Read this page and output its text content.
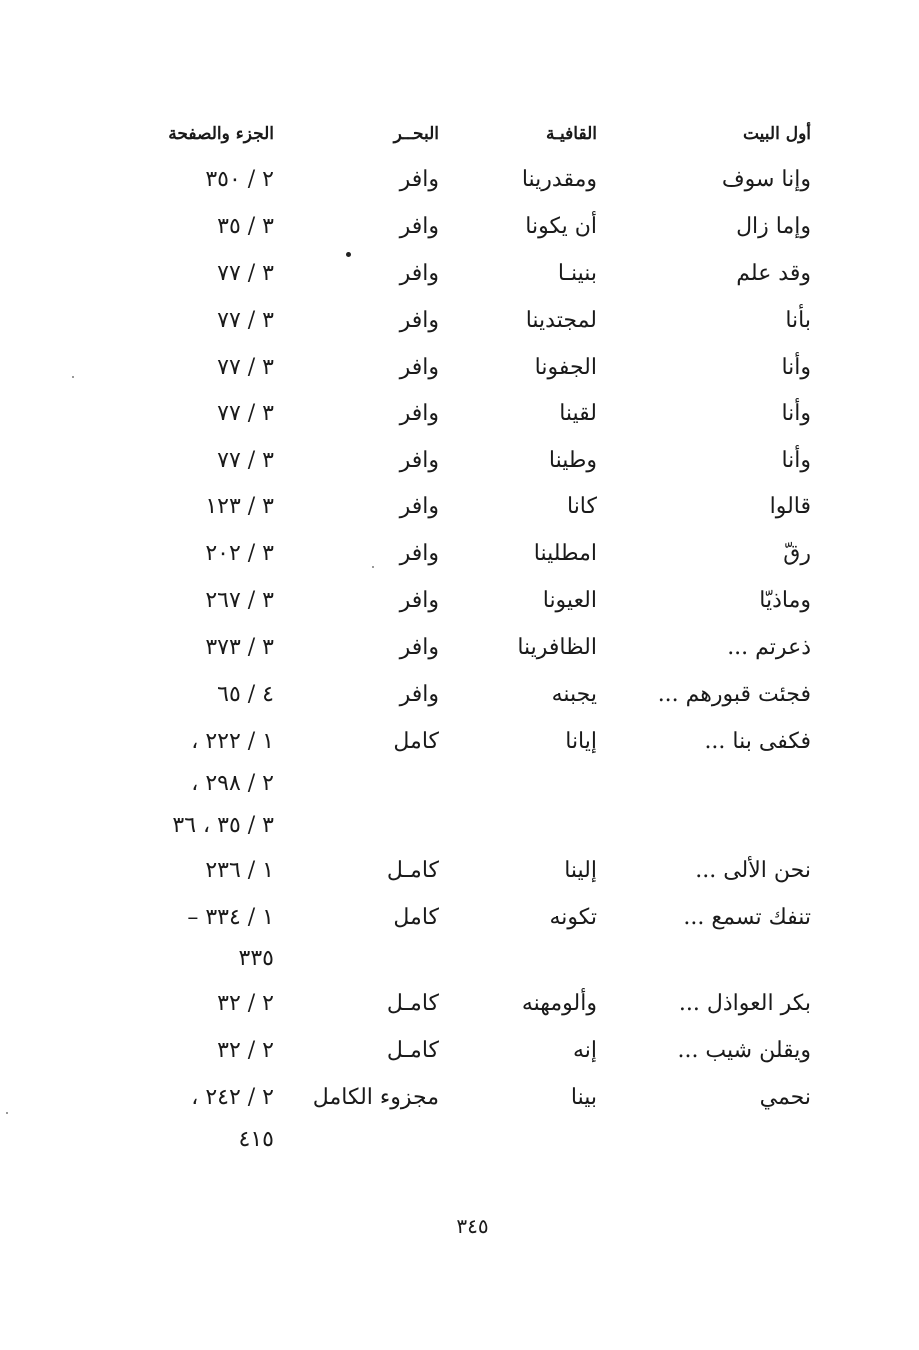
أول البيت
القافيـة
البحــر
الجزء والصفحة
وإنا سوف
ومقدرينا
وافر
٢ / ٣٥٠
وإما زال
أن يكونا
وافر
٣ / ٣٥
وقد علم
بنينـا
وافر
٣ / ٧٧
بأنا
لمجتدينا
وافر
٣ / ٧٧
وأنا
الجفونا
وافر
٣ / ٧٧
وأنا
لقينا
وافر
٣ / ٧٧
وأنا
وطينا
وافر
٣ / ٧٧
قالوا
كانا
وافر
٣ / ١٢٣
رقّ
امطلينا
وافر
٣ / ٢٠٢
وماذيّا
العيونا
وافر
٣ / ٢٦٧
ذعرتم ...
الظافرينا
وافر
٣ / ٣٧٣
فجئت قبورهم ...
يجبنه
وافر
٤ / ٦٥
فكفى بنا ...
إيانا
كامل
١ / ٢٢٢ ،
٢ / ٢٩٨ ،
٣ / ٣٥ ، ٣٦
نحن الألى ...
إلينا
كامـل
١ / ٢٣٦
تنفك تسمع ...
تكونه
كامل
١ / ٣٣٤ –
٣٣٥
بكر العواذل ...
وألومهنه
كامـل
٢ / ٣٢
ويقلن شيب ...
إنه
كامـل
٢ / ٣٢
نحمي
بينا
مجزوء الكامل
٢ / ٢٤٢ ،
٤١٥
٣٤٥
